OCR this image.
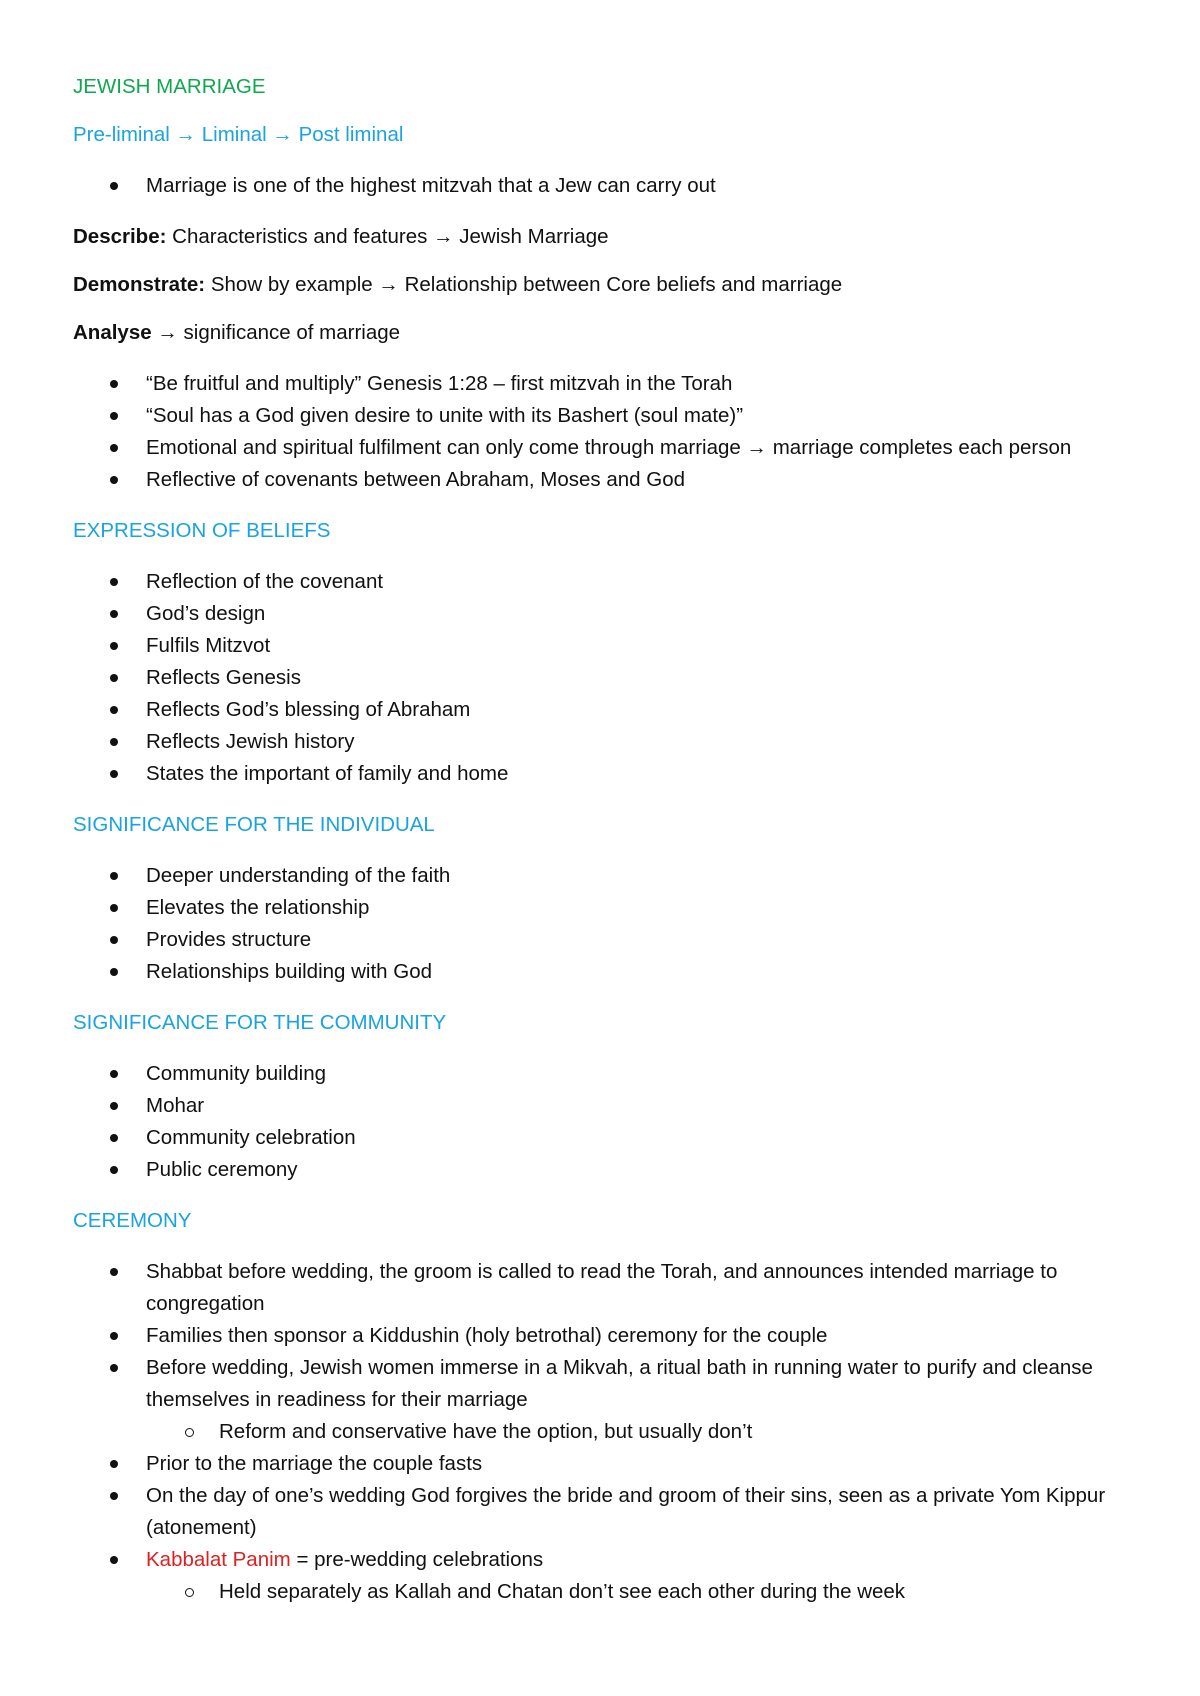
JEWISH MARRIAGE

Pre-liminal → Liminal → Post liminal

Marriage is one of the highest mitzvah that a Jew can carry out

Describe: Characteristics and features → Jewish Marriage

Demonstrate: Show by example → Relationship between Core beliefs and marriage

Analyse → significance of marriage

“Be fruitful and multiply” Genesis 1:28 – first mitzvah in the Torah
“Soul has a God given desire to unite with its Bashert (soul mate)”
Emotional and spiritual fulfilment can only come through marriage → marriage completes each person
Reflective of covenants between Abraham, Moses and God

EXPRESSION OF BELIEFS

Reflection of the covenant
God’s design
Fulfils Mitzvot
Reflects Genesis
Reflects God’s blessing of Abraham
Reflects Jewish history
States the important of family and home

SIGNIFICANCE FOR THE INDIVIDUAL

Deeper understanding of the faith
Elevates the relationship
Provides structure
Relationships building with God

SIGNIFICANCE FOR THE COMMUNITY

Community building
Mohar
Community celebration
Public ceremony

CEREMONY

Shabbat before wedding, the groom is called to read the Torah, and announces intended marriage to congregation
Families then sponsor a Kiddushin (holy betrothal) ceremony for the couple
Before wedding, Jewish women immerse in a Mikvah, a ritual bath in running water to purify and cleanse themselves in readiness for their marriage
Reform and conservative have the option, but usually don’t
Prior to the marriage the couple fasts
On the day of one’s wedding God forgives the bride and groom of their sins, seen as a private Yom Kippur (atonement)
Kabbalat Panim = pre-wedding celebrations
Held separately as Kallah and Chatan don’t see each other during the week
